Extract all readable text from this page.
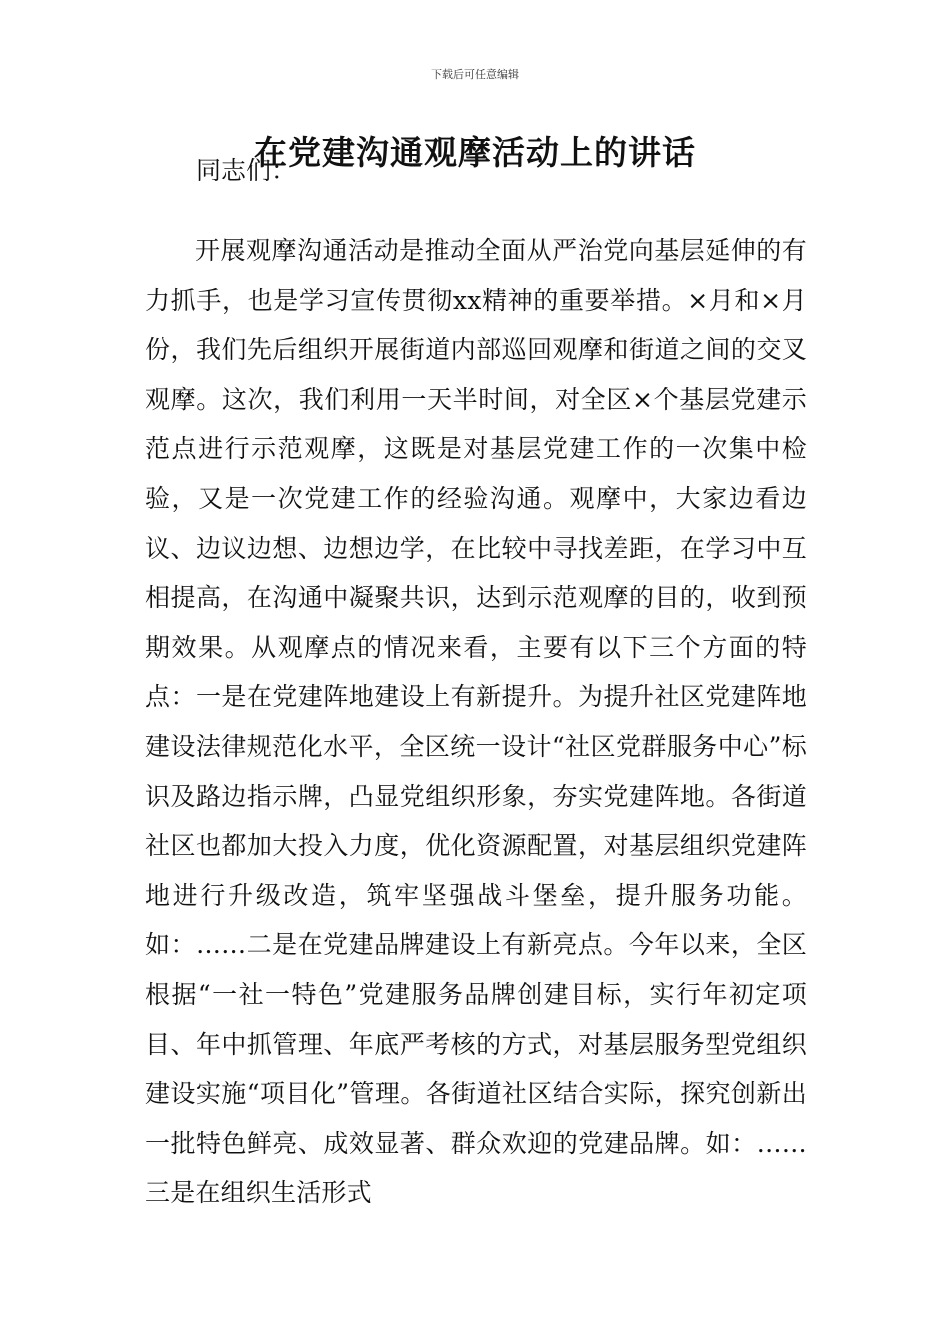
下载后可任意编辑
在党建沟通观摩活动上的讲话

同志们：

开展观摩沟通活动是推动全面从严治党向基层延伸的有力抓手，也是学习宣传贯彻xx精神的重要举措。×月和×月份，我们先后组织开展街道内部巡回观摩和街道之间的交叉观摩。这次，我们利用一天半时间，对全区×个基层党建示范点进行示范观摩，这既是对基层党建工作的一次集中检验，又是一次党建工作的经验沟通。观摩中，大家边看边议、边议边想、边想边学，在比较中寻找差距，在学习中互相提高，在沟通中凝聚共识，达到示范观摩的目的，收到预期效果。从观摩点的情况来看，主要有以下三个方面的特点：一是在党建阵地建设上有新提升。为提升社区党建阵地建设法律规范化水平，全区统一设计“社区党群服务中心”标识及路边指示牌，凸显党组织形象，夯实党建阵地。各街道社区也都加大投入力度，优化资源配置，对基层组织党建阵地进行升级改造，筑牢坚强战斗堡垒，提升服务功能。如：……二是在党建品牌建设上有新亮点。今年以来，全区根据“一社一特色”党建服务品牌创建目标，实行年初定项目、年中抓管理、年底严考核的方式，对基层服务型党组织建设实施“项目化”管理。各街道社区结合实际，探究创新出一批特色鲜亮、成效显著、群众欢迎的党建品牌。如：……三是在组织生活形式
